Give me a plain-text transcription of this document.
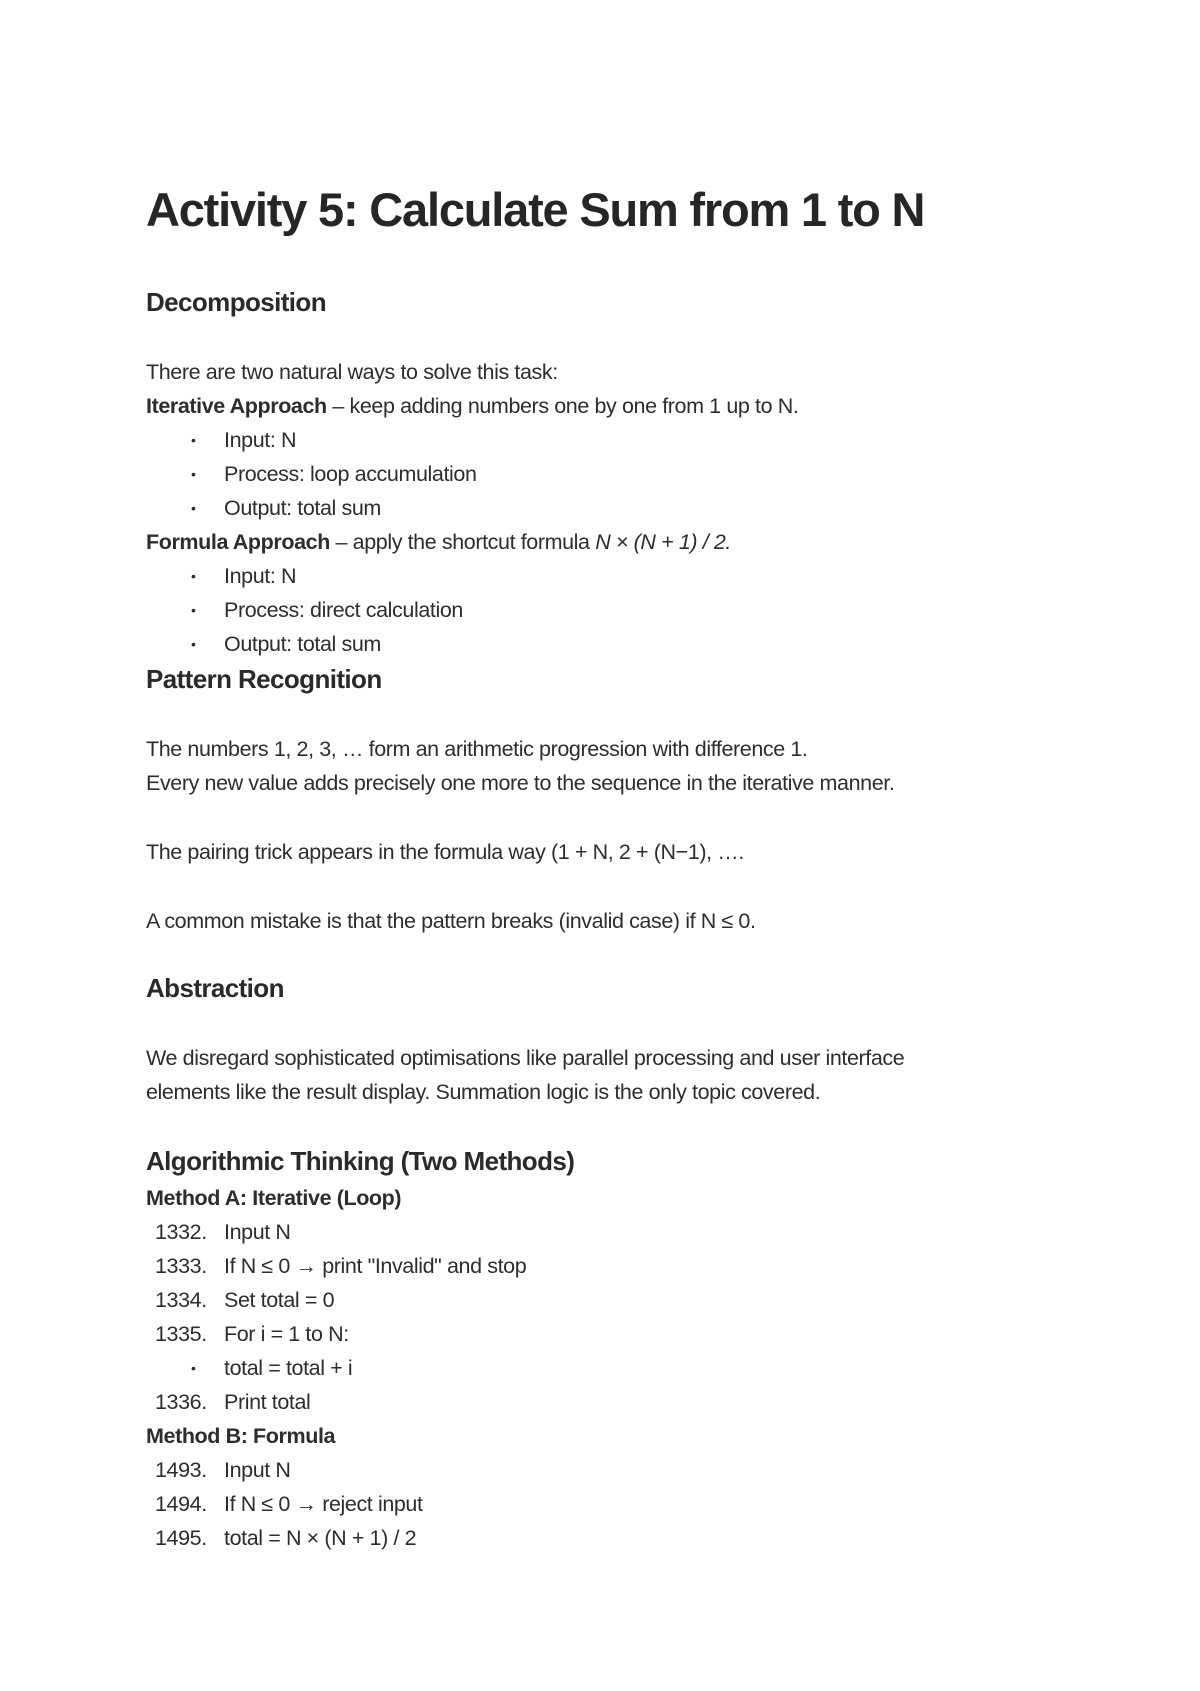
Activity 5: Calculate Sum from 1 to N
Decomposition

There are two natural ways to solve this task:

Iterative Approach – keep adding numbers one by one from 1 up to N.

• Input: N
• Process: loop accumulation
• Output: total sum

Formula Approach – apply the shortcut formula N × (N + 1) / 2.

• Input: N
• Process: direct calculation
• Output: total sum
Pattern Recognition

The numbers 1, 2, 3, … form an arithmetic progression with difference 1.

Every new value adds precisely one more to the sequence in the iterative manner.

The pairing trick appears in the formula way (1 + N, 2 + (N−1), ….

A common mistake is that the pattern breaks (invalid case) if N ≤ 0.

Abstraction

We disregard sophisticated optimisations like parallel processing and user interface

elements like the result display. Summation logic is the only topic covered.

Algorithmic Thinking (Two Methods)

Method A: Iterative (Loop)

1332. Input N
1333. If N ≤ 0 → print "Invalid" and stop
1334. Set total = 0
1335. For i = 1 to N:
• total = total + i
1336. Print total

Method B: Formula

1493. Input N
1494. If N ≤ 0 → reject input
1495. total = N × (N + 1) / 2
